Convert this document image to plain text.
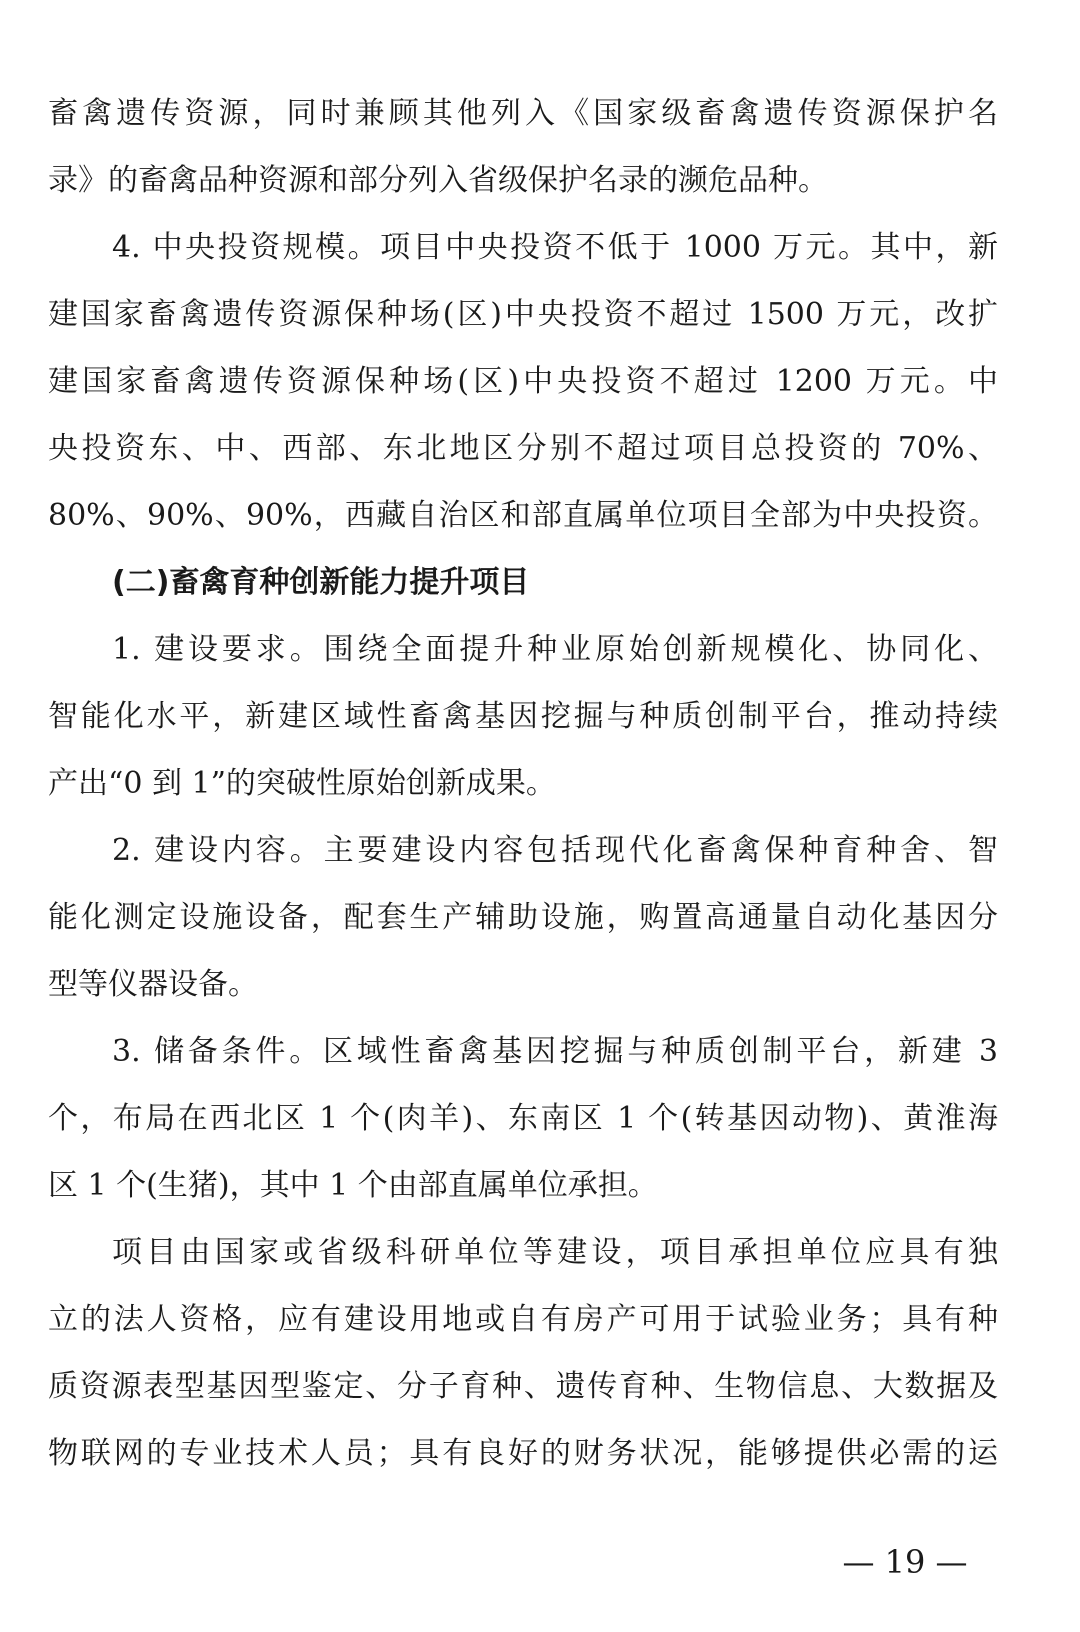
畜禽遗传资源，同时兼顾其他列入《国家级畜禽遗传资源保护名
录》的畜禽品种资源和部分列入省级保护名录的濒危品种。
4. 中央投资规模。项目中央投资不低于 1000 万元。其中，新
建国家畜禽遗传资源保种场(区)中央投资不超过 1500 万元，改扩
建国家畜禽遗传资源保种场(区)中央投资不超过 1200 万元。中
央投资东、中、西部、东北地区分别不超过项目总投资的 70%、
80%、90%、90%，西藏自治区和部直属单位项目全部为中央投资。
(二)畜禽育种创新能力提升项目
1. 建设要求。围绕全面提升种业原始创新规模化、协同化、
智能化水平，新建区域性畜禽基因挖掘与种质创制平台，推动持续
产出“0 到 1”的突破性原始创新成果。
2. 建设内容。主要建设内容包括现代化畜禽保种育种舍、智
能化测定设施设备，配套生产辅助设施，购置高通量自动化基因分
型等仪器设备。
3. 储备条件。区域性畜禽基因挖掘与种质创制平台，新建 3
个，布局在西北区 1 个(肉羊)、东南区 1 个(转基因动物)、黄淮海
区 1 个(生猪)，其中 1 个由部直属单位承担。
项目由国家或省级科研单位等建设，项目承担单位应具有独
立的法人资格，应有建设用地或自有房产可用于试验业务；具有种
质资源表型基因型鉴定、分子育种、遗传育种、生物信息、大数据及
物联网的专业技术人员；具有良好的财务状况，能够提供必需的运
— 19 —
